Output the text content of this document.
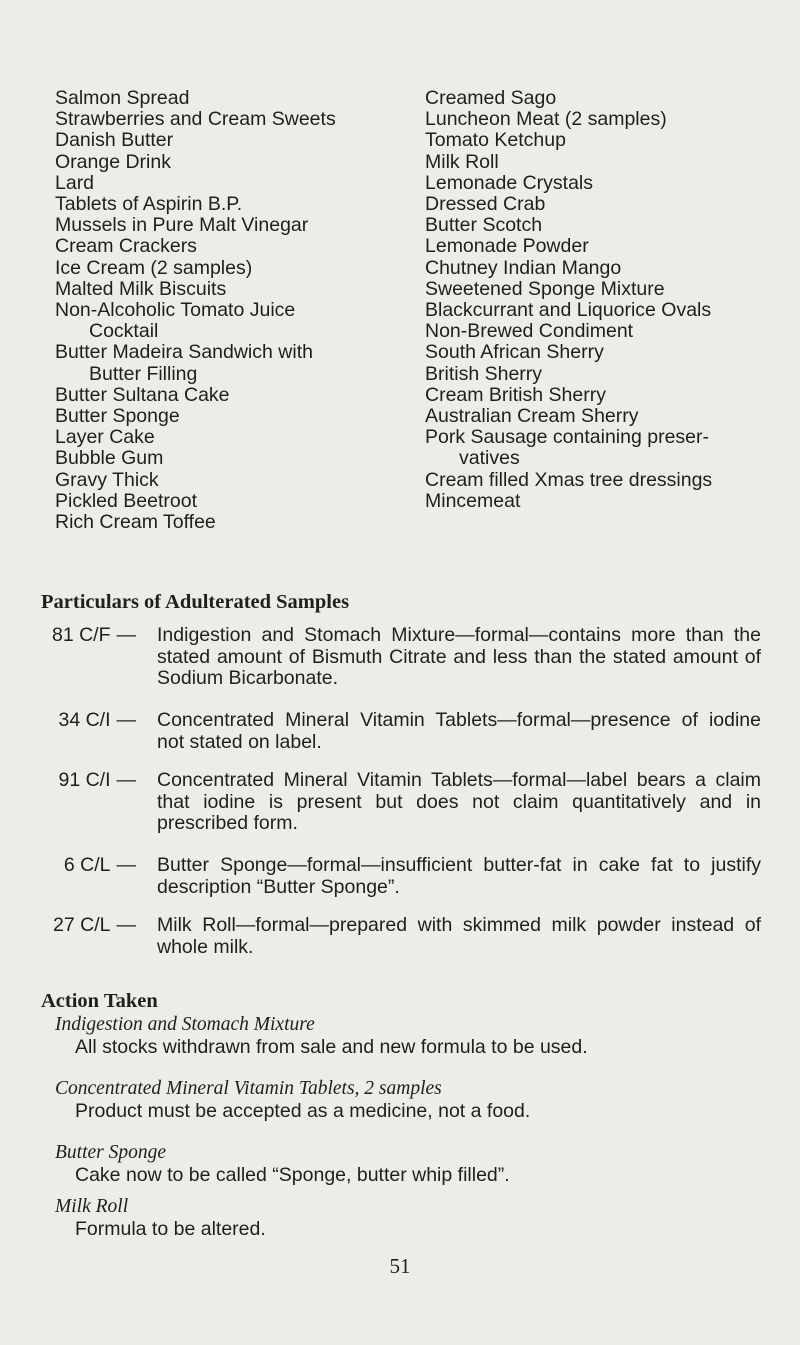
Salmon Spread
Strawberries and Cream Sweets
Danish Butter
Orange Drink
Lard
Tablets of Aspirin B.P.
Mussels in Pure Malt Vinegar
Cream Crackers
Ice Cream (2 samples)
Malted Milk Biscuits
Non-Alcoholic Tomato Juice
Cocktail
Butter Madeira Sandwich with
Butter Filling
Butter Sultana Cake
Butter Sponge
Layer Cake
Bubble Gum
Gravy Thick
Pickled Beetroot
Rich Cream Toffee
Creamed Sago
Luncheon Meat (2 samples)
Tomato Ketchup
Milk Roll
Lemonade Crystals
Dressed Crab
Butter Scotch
Lemonade Powder
Chutney Indian Mango
Sweetened Sponge Mixture
Blackcurrant and Liquorice Ovals
Non-Brewed Condiment
South African Sherry
British Sherry
Cream British Sherry
Australian Cream Sherry
Pork Sausage containing preser-
vatives
Cream filled Xmas tree dressings
Mincemeat
Particulars of Adulterated Samples
81 C/F — Indigestion and Stomach Mixture—formal—contains more than the stated amount of Bismuth Citrate and less than the stated amount of Sodium Bicarbonate.
34 C/I — Concentrated Mineral Vitamin Tablets—formal—presence of iodine not stated on label.
91 C/I — Concentrated Mineral Vitamin Tablets—formal—label bears a claim that iodine is present but does not claim quantitatively and in prescribed form.
6 C/L — Butter Sponge—formal—insufficient butter-fat in cake fat to justify description “Butter Sponge”.
27 C/L — Milk Roll—formal—prepared with skimmed milk powder instead of whole milk.
Action Taken
Indigestion and Stomach Mixture
All stocks withdrawn from sale and new formula to be used.
Concentrated Mineral Vitamin Tablets, 2 samples
Product must be accepted as a medicine, not a food.
Butter Sponge
Cake now to be called “Sponge, butter whip filled”.
Milk Roll
Formula to be altered.
51
